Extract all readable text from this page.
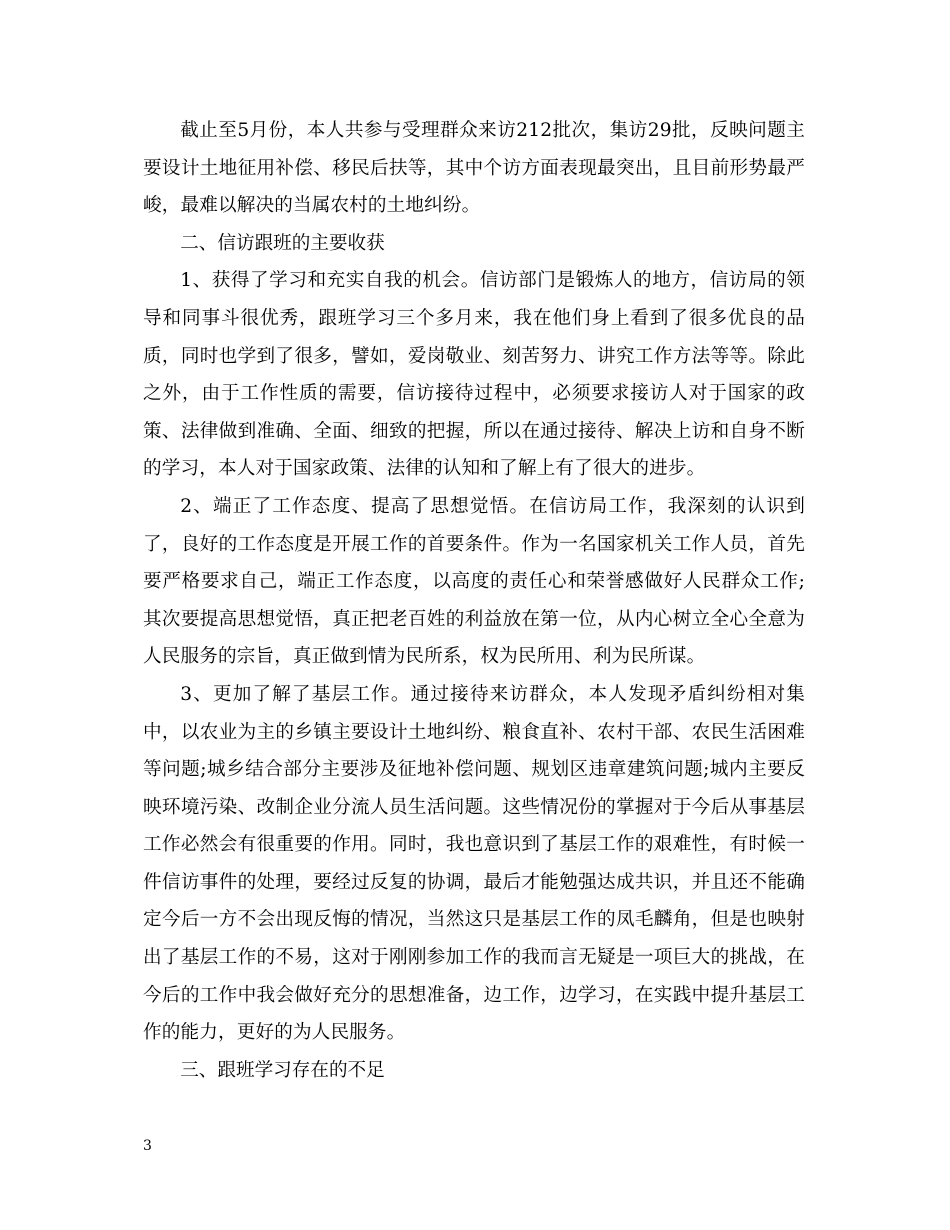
截止至5月份，本人共参与受理群众来访212批次，集访29批，反映问题主要设计土地征用补偿、移民后扶等，其中个访方面表现最突出，且目前形势最严峻，最难以解决的当属农村的土地纠纷。

二、信访跟班的主要收获

1、获得了学习和充实自我的机会。信访部门是锻炼人的地方，信访局的领导和同事斗很优秀，跟班学习三个多月来，我在他们身上看到了很多优良的品质，同时也学到了很多，譬如，爱岗敬业、刻苦努力、讲究工作方法等等。除此之外，由于工作性质的需要，信访接待过程中，必须要求接访人对于国家的政策、法律做到准确、全面、细致的把握，所以在通过接待、解决上访和自身不断的学习，本人对于国家政策、法律的认知和了解上有了很大的进步。

2、端正了工作态度、提高了思想觉悟。在信访局工作，我深刻的认识到了，良好的工作态度是开展工作的首要条件。作为一名国家机关工作人员，首先要严格要求自己，端正工作态度，以高度的责任心和荣誉感做好人民群众工作;其次要提高思想觉悟，真正把老百姓的利益放在第一位，从内心树立全心全意为人民服务的宗旨，真正做到情为民所系，权为民所用、利为民所谋。

3、更加了解了基层工作。通过接待来访群众，本人发现矛盾纠纷相对集中，以农业为主的乡镇主要设计土地纠纷、粮食直补、农村干部、农民生活困难等问题;城乡结合部分主要涉及征地补偿问题、规划区违章建筑问题;城内主要反映环境污染、改制企业分流人员生活问题。这些情况份的掌握对于今后从事基层工作必然会有很重要的作用。同时，我也意识到了基层工作的艰难性，有时候一件信访事件的处理，要经过反复的协调，最后才能勉强达成共识，并且还不能确定今后一方不会出现反悔的情况，当然这只是基层工作的凤毛麟角，但是也映射出了基层工作的不易，这对于刚刚参加工作的我而言无疑是一项巨大的挑战，在今后的工作中我会做好充分的思想准备，边工作，边学习，在实践中提升基层工作的能力，更好的为人民服务。

三、跟班学习存在的不足

3
